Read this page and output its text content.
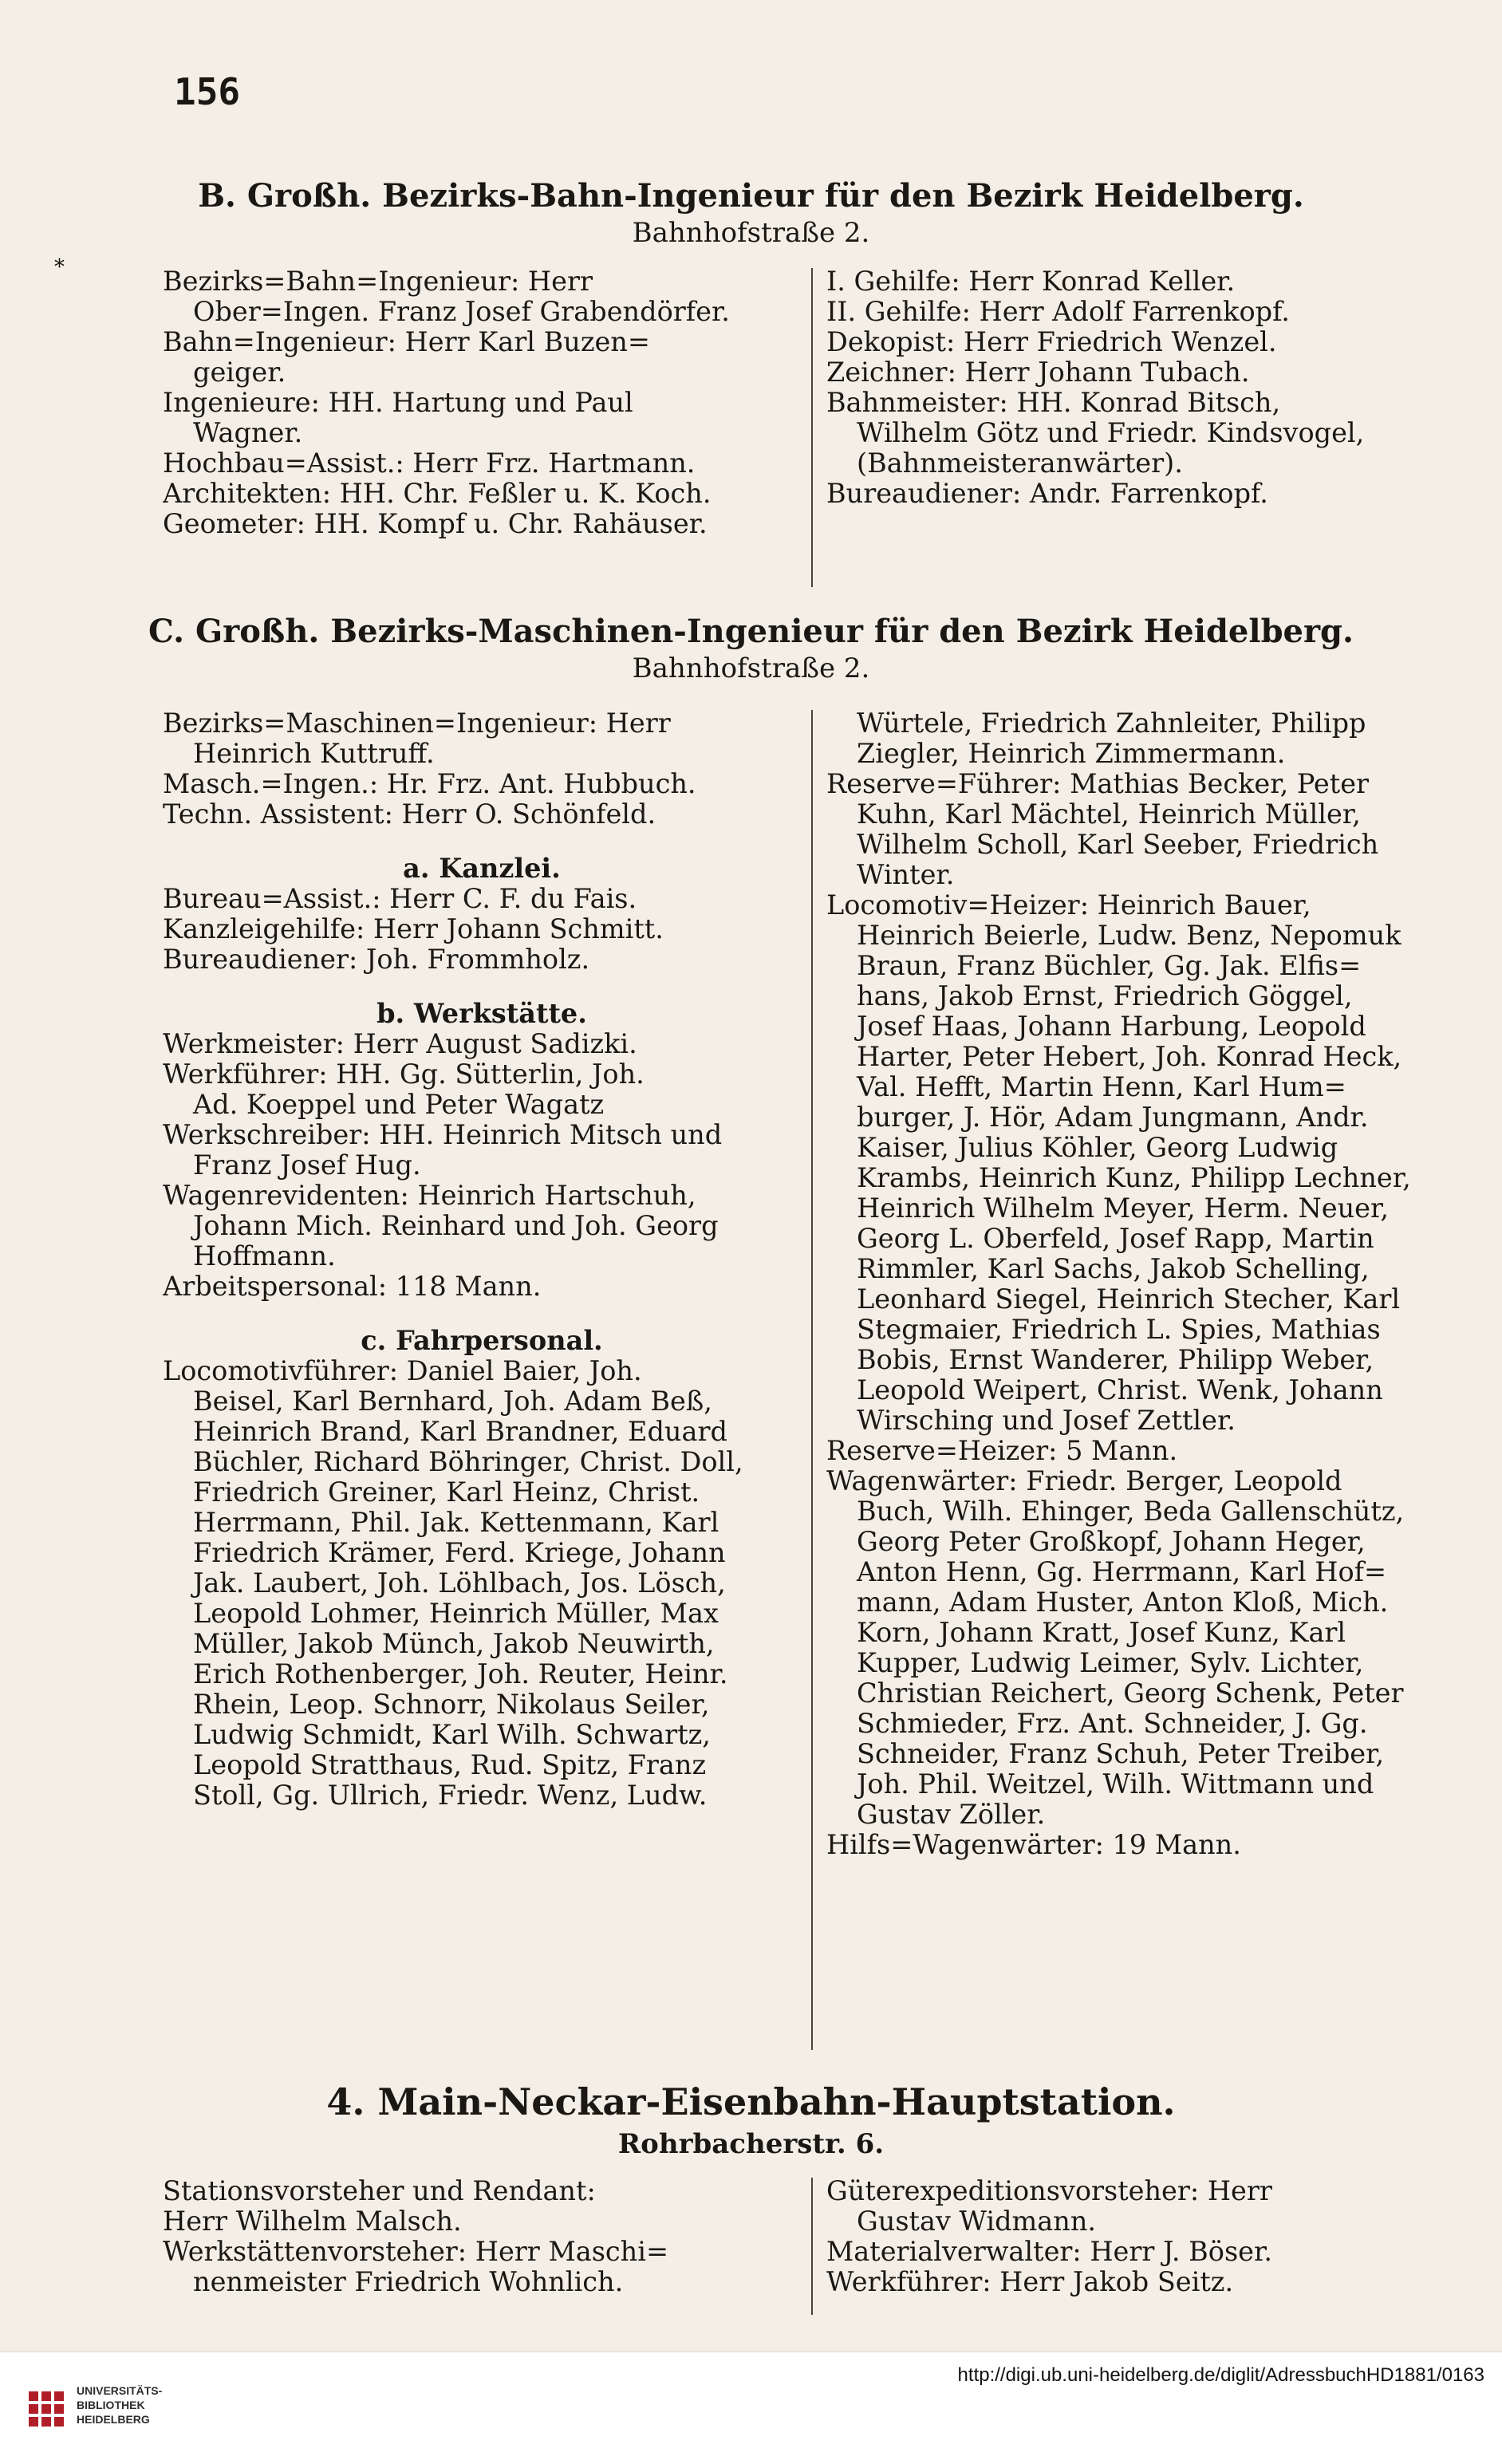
156
*
B. Großh. Bezirks-Bahn-Ingenieur für den Bezirk Heidelberg.
Bahnhofstraße 2.
Bezirks=Bahn=Ingenieur: Herr
Ober=Ingen. Franz Josef Grabendörfer.
Bahn=Ingenieur: Herr Karl Buzen=
geiger.
Ingenieure: HH. Hartung und Paul
Wagner.
Hochbau=Assist.: Herr Frz. Hartmann.
Architekten: HH. Chr. Feßler u. K. Koch.
Geometer: HH. Kompf u. Chr. Rahäuser.
I. Gehilfe: Herr Konrad Keller.
II. Gehilfe: Herr Adolf Farrenkopf.
Dekopist: Herr Friedrich Wenzel.
Zeichner: Herr Johann Tubach.
Bahnmeister: HH. Konrad Bitsch,
Wilhelm Götz und Friedr. Kindsvogel,
(Bahnmeisteranwärter).
Bureaudiener: Andr. Farrenkopf.
C. Großh. Bezirks-Maschinen-Ingenieur für den Bezirk Heidelberg.
Bahnhofstraße 2.
Bezirks=Maschinen=Ingenieur: Herr
Heinrich Kuttruff.
Masch.=Ingen.: Hr. Frz. Ant. Hubbuch.
Techn. Assistent: Herr O. Schönfeld.
a. Kanzlei.
Bureau=Assist.: Herr C. F. du Fais.
Kanzleigehilfe: Herr Johann Schmitt.
Bureaudiener: Joh. Frommholz.
b. Werkstätte.
Werkmeister: Herr August Sadizki.
Werkführer: HH. Gg. Sütterlin, Joh.
Ad. Koeppel und Peter Wagatz
Werkschreiber: HH. Heinrich Mitsch und
Franz Josef Hug.
Wagenrevidenten: Heinrich Hartschuh,
Johann Mich. Reinhard und Joh. Georg
Hoffmann.
Arbeitspersonal: 118 Mann.
c. Fahrpersonal.
Locomotivführer: Daniel Baier, Joh.
Beisel, Karl Bernhard, Joh. Adam Beß,
Heinrich Brand, Karl Brandner, Eduard
Büchler, Richard Böhringer, Christ. Doll,
Friedrich Greiner, Karl Heinz, Christ.
Herrmann, Phil. Jak. Kettenmann, Karl
Friedrich Krämer, Ferd. Kriege, Johann
Jak. Laubert, Joh. Löhlbach, Jos. Lösch,
Leopold Lohmer, Heinrich Müller, Max
Müller, Jakob Münch, Jakob Neuwirth,
Erich Rothenberger, Joh. Reuter, Heinr.
Rhein, Leop. Schnorr, Nikolaus Seiler,
Ludwig Schmidt, Karl Wilh. Schwartz,
Leopold Stratthaus, Rud. Spitz, Franz
Stoll, Gg. Ullrich, Friedr. Wenz, Ludw.
Würtele, Friedrich Zahnleiter, Philipp
Ziegler, Heinrich Zimmermann.
Reserve=Führer: Mathias Becker, Peter
Kuhn, Karl Mächtel, Heinrich Müller,
Wilhelm Scholl, Karl Seeber, Friedrich
Winter.
Locomotiv=Heizer: Heinrich Bauer,
Heinrich Beierle, Ludw. Benz, Nepomuk
Braun, Franz Büchler, Gg. Jak. Elfis=
hans, Jakob Ernst, Friedrich Göggel,
Josef Haas, Johann Harbung, Leopold
Harter, Peter Hebert, Joh. Konrad Heck,
Val. Hefft, Martin Henn, Karl Hum=
burger, J. Hör, Adam Jungmann, Andr.
Kaiser, Julius Köhler, Georg Ludwig
Krambs, Heinrich Kunz, Philipp Lechner,
Heinrich Wilhelm Meyer, Herm. Neuer,
Georg L. Oberfeld, Josef Rapp, Martin
Rimmler, Karl Sachs, Jakob Schelling,
Leonhard Siegel, Heinrich Stecher, Karl
Stegmaier, Friedrich L. Spies, Mathias
Bobis, Ernst Wanderer, Philipp Weber,
Leopold Weipert, Christ. Wenk, Johann
Wirsching und Josef Zettler.
Reserve=Heizer: 5 Mann.
Wagenwärter: Friedr. Berger, Leopold
Buch, Wilh. Ehinger, Beda Gallenschütz,
Georg Peter Großkopf, Johann Heger,
Anton Henn, Gg. Herrmann, Karl Hof=
mann, Adam Huster, Anton Kloß, Mich.
Korn, Johann Kratt, Josef Kunz, Karl
Kupper, Ludwig Leimer, Sylv. Lichter,
Christian Reichert, Georg Schenk, Peter
Schmieder, Frz. Ant. Schneider, J. Gg.
Schneider, Franz Schuh, Peter Treiber,
Joh. Phil. Weitzel, Wilh. Wittmann und
Gustav Zöller.
Hilfs=Wagenwärter: 19 Mann.
4. Main-Neckar-Eisenbahn-Hauptstation.
Rohrbacherstr. 6.
Stationsvorsteher und Rendant:
Herr Wilhelm Malsch.
Werkstättenvorsteher: Herr Maschi=
nenmeister Friedrich Wohnlich.
Güterexpeditionsvorsteher: Herr
Gustav Widmann.
Materialverwalter: Herr J. Böser.
Werkführer: Herr Jakob Seitz.
UNIVERSITÄTS-
BIBLIOTHEK
HEIDELBERG
http://digi.ub.uni-heidelberg.de/diglit/AdressbuchHD1881/0163
